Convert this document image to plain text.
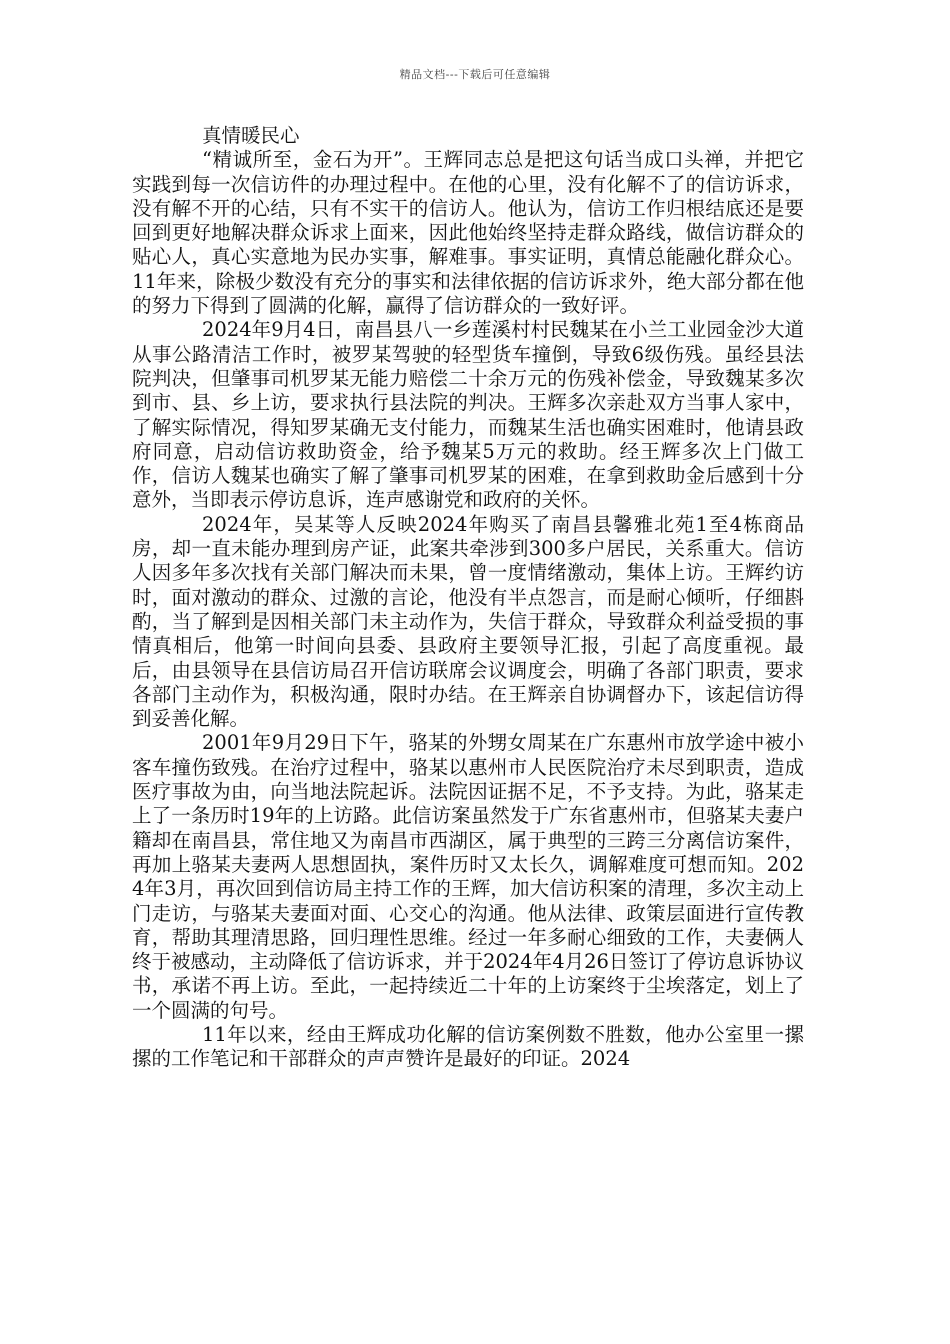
精品文档---下载后可任意编辑
真情暖民心

“精诚所至，金石为开”。王辉同志总是把这句话当成口头禅，并把它实践到每一次信访件的办理过程中。在他的心里，没有化解不了的信访诉求，没有解不开的心结，只有不实干的信访人。他认为，信访工作归根结底还是要回到更好地解决群众诉求上面来，因此他始终坚持走群众路线，做信访群众的贴心人，真心实意地为民办实事，解难事。事实证明，真情总能融化群众心。11年来，除极少数没有充分的事实和法律依据的信访诉求外，绝大部分都在他的努力下得到了圆满的化解，赢得了信访群众的一致好评。

2024年9月4日，南昌县八一乡莲溪村村民魏某在小兰工业园金沙大道从事公路清洁工作时，被罗某驾驶的轻型货车撞倒，导致6级伤残。虽经县法院判决，但肇事司机罗某无能力赔偿二十余万元的伤残补偿金，导致魏某多次到市、县、乡上访，要求执行县法院的判决。王辉多次亲赴双方当事人家中，了解实际情况，得知罗某确无支付能力，而魏某生活也确实困难时，他请县政府同意，启动信访救助资金，给予魏某5万元的救助。经王辉多次上门做工作，信访人魏某也确实了解了肇事司机罗某的困难，在拿到救助金后感到十分意外，当即表示停访息诉，连声感谢党和政府的关怀。

2024年，吴某等人反映2024年购买了南昌县馨雅北苑1至4栋商品房，却一直未能办理到房产证，此案共牵涉到300多户居民，关系重大。信访人因多年多次找有关部门解决而未果，曾一度情绪激动，集体上访。王辉约访时，面对激动的群众、过激的言论，他没有半点怨言，而是耐心倾听，仔细斟酌，当了解到是因相关部门未主动作为，失信于群众，导致群众利益受损的事情真相后，他第一时间向县委、县政府主要领导汇报，引起了高度重视。最后，由县领导在县信访局召开信访联席会议调度会，明确了各部门职责，要求各部门主动作为，积极沟通，限时办结。在王辉亲自协调督办下，该起信访得到妥善化解。

2001年9月29日下午，骆某的外甥女周某在广东惠州市放学途中被小客车撞伤致残。在治疗过程中，骆某以惠州市人民医院治疗未尽到职责，造成医疗事故为由，向当地法院起诉。法院因证据不足，不予支持。为此，骆某走上了一条历时19年的上访路。此信访案虽然发于广东省惠州市，但骆某夫妻户籍却在南昌县，常住地又为南昌市西湖区，属于典型的三跨三分离信访案件，再加上骆某夫妻两人思想固执，案件历时又太长久，调解难度可想而知。2024年3月，再次回到信访局主持工作的王辉，加大信访积案的清理，多次主动上门走访，与骆某夫妻面对面、心交心的沟通。他从法律、政策层面进行宣传教育，帮助其理清思路，回归理性思维。经过一年多耐心细致的工作，夫妻俩人终于被感动，主动降低了信访诉求，并于2024年4月26日签订了停访息诉协议书，承诺不再上访。至此，一起持续近二十年的上访案终于尘埃落定，划上了一个圆满的句号。

11年以来，经由王辉成功化解的信访案例数不胜数，他办公室里一摞摞的工作笔记和干部群众的声声赞许是最好的印证。2024
